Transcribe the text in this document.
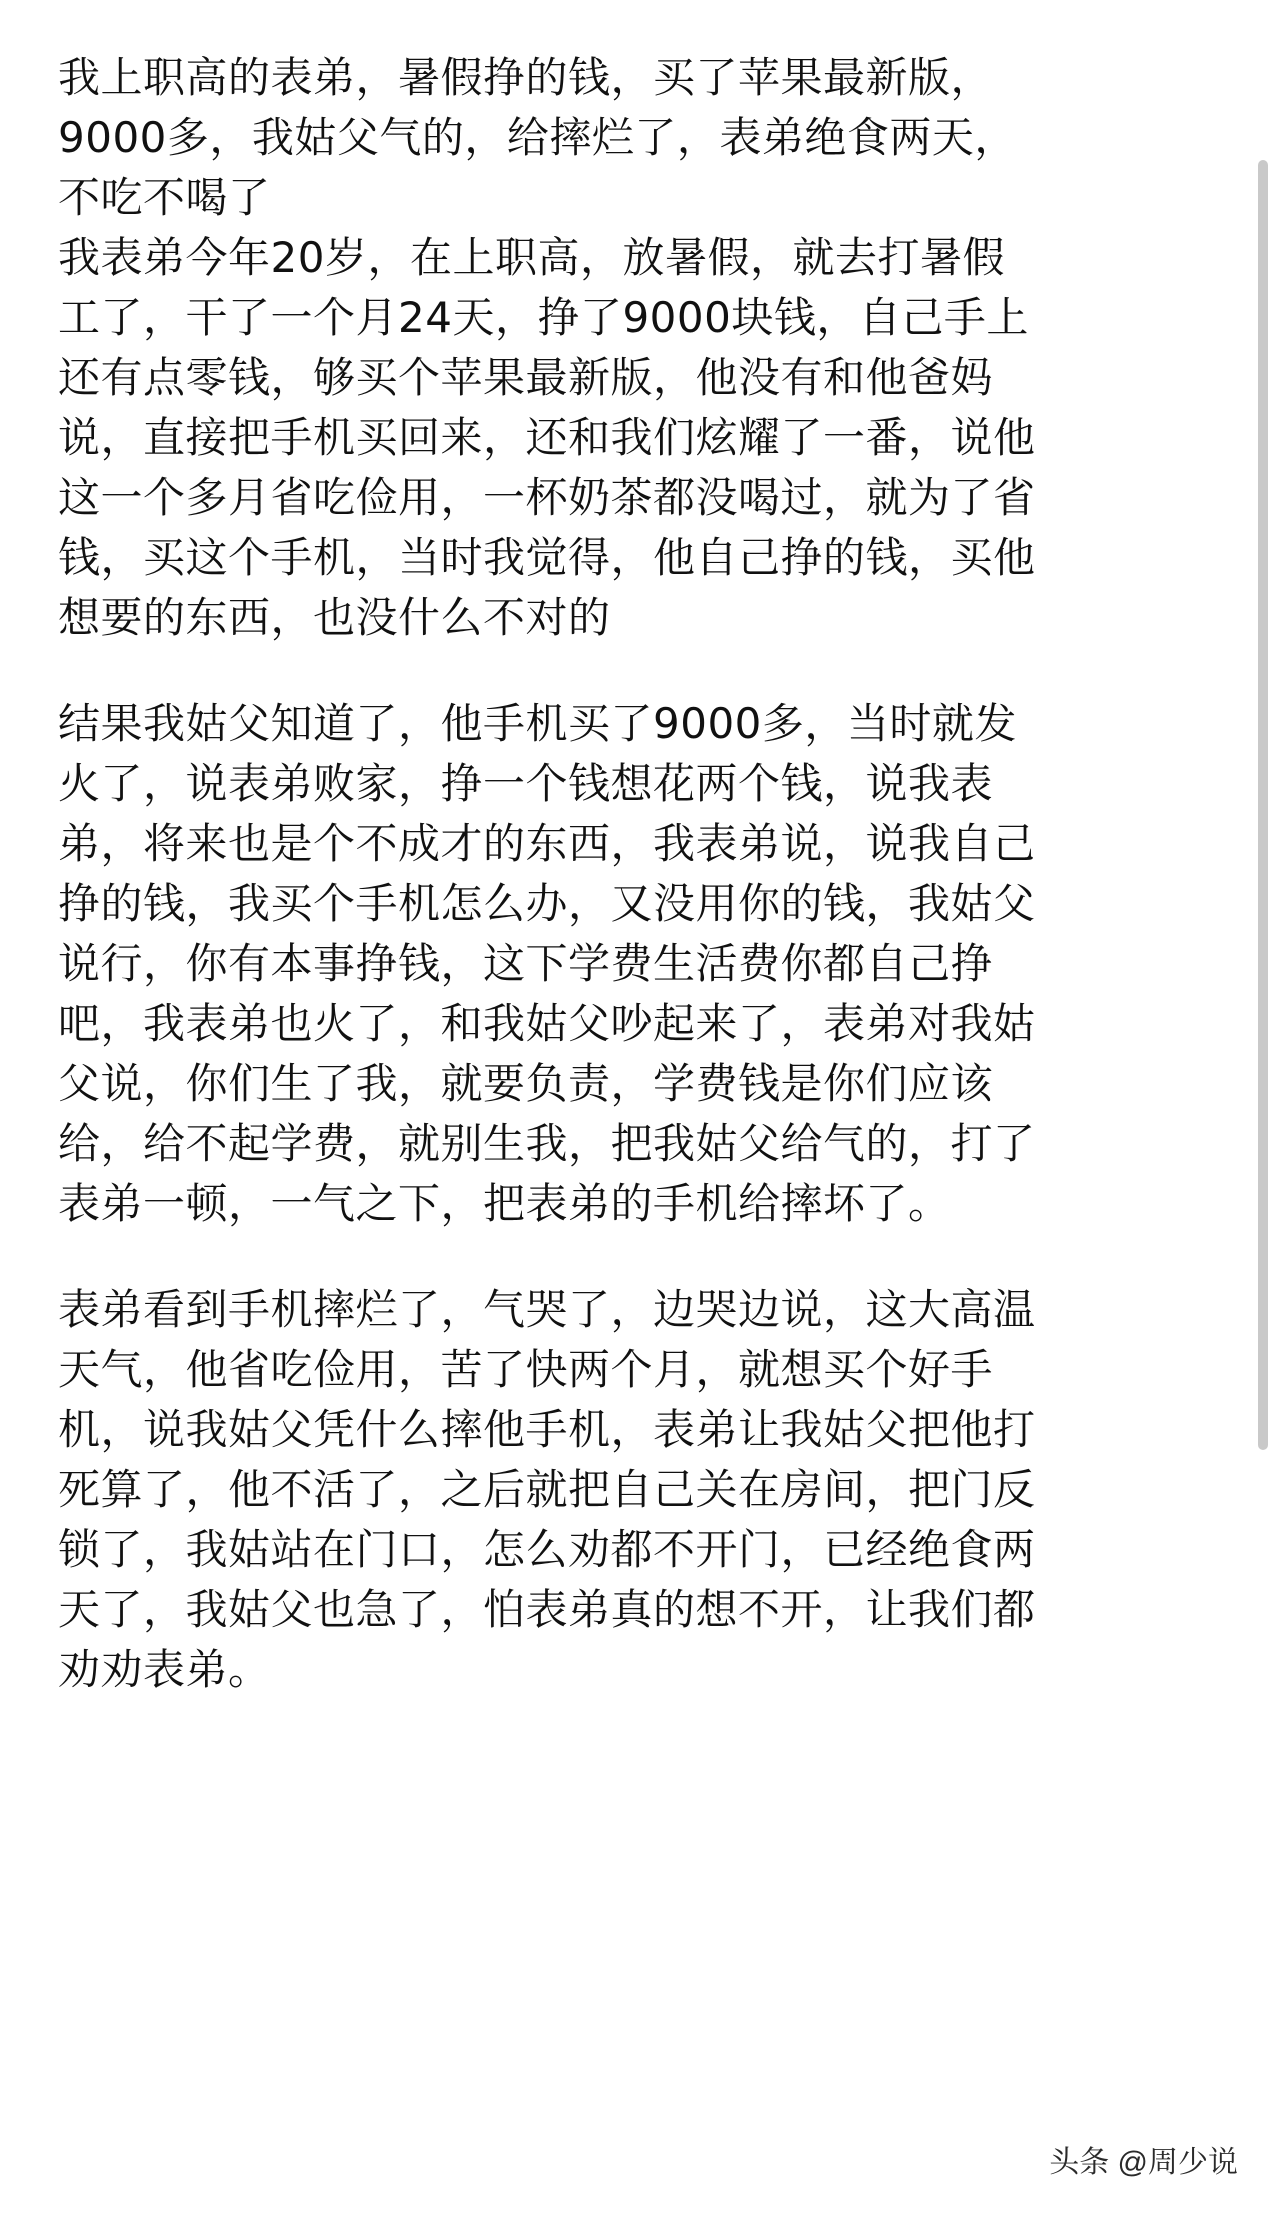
我上职高的表弟，暑假挣的钱，买了苹果最新版，
9000多，我姑父气的，给摔烂了，表弟绝食两天，
不吃不喝了
我表弟今年20岁，在上职高，放暑假，就去打暑假
工了，干了一个月24天，挣了9000块钱，自己手上
还有点零钱，够买个苹果最新版，他没有和他爸妈
说，直接把手机买回来，还和我们炫耀了一番，说他
这一个多月省吃俭用，一杯奶茶都没喝过，就为了省
钱，买这个手机，当时我觉得，他自己挣的钱，买他
想要的东西，也没什么不对的
结果我姑父知道了，他手机买了9000多，当时就发
火了，说表弟败家，挣一个钱想花两个钱，说我表
弟，将来也是个不成才的东西，我表弟说，说我自己
挣的钱，我买个手机怎么办，又没用你的钱，我姑父
说行，你有本事挣钱，这下学费生活费你都自己挣
吧，我表弟也火了，和我姑父吵起来了，表弟对我姑
父说，你们生了我，就要负责，学费钱是你们应该
给，给不起学费，就别生我，把我姑父给气的，打了
表弟一顿，一气之下，把表弟的手机给摔坏了。
表弟看到手机摔烂了，气哭了，边哭边说，这大高温
天气，他省吃俭用，苦了快两个月，就想买个好手
机，说我姑父凭什么摔他手机，表弟让我姑父把他打
死算了，他不活了，之后就把自己关在房间，把门反
锁了，我姑站在门口，怎么劝都不开门，已经绝食两
天了，我姑父也急了，怕表弟真的想不开，让我们都
劝劝表弟。
头条 @周少说
